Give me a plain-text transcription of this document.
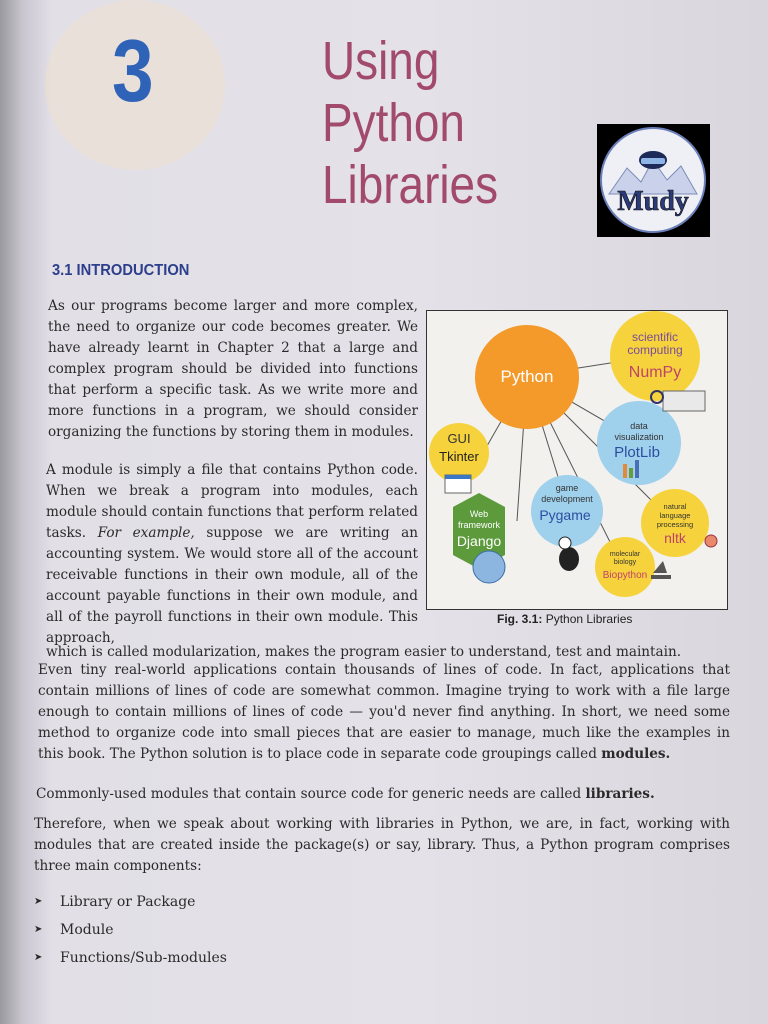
3	Using Python
Libraries	Mudy
3.1 INTRODUCTION
As our programs become larger and more complex, the need to organize our code becomes greater. We have already learnt in Chapter 2 that a large and complex program should be divided into functions that perform a specific task. As we write more and more functions in a program, we should consider organizing the functions by storing them in modules.
A module is simply a file that contains Python code. When we break a program into modules, each module should contain functions that perform related tasks. For example, suppose we are writing an accounting system. We would store all of the account receivable functions in their own module, all of the account payable functions in their own module, and all of the payroll functions in their own module. This approach,
which is called modularization, makes the program easier to understand, test and maintain.
scientific
computing
NumPy
Python
data
visualization
PlotLib
GUI
Tkinter
Web
framework
Django
game
development
Pygame
natural
language
processing
nltk
molecular
biology
Biopython
Fig. 3.1: Python Libraries
Even tiny real-world applications contain thousands of lines of code. In fact, applications that contain millions of lines of code are somewhat common. Imagine trying to work with a file large enough to contain millions of lines of code — you'd never find anything. In short, we need some method to organize code into small pieces that are easier to manage, much like the examples in this book. The Python solution is to place code in separate code groupings called modules.
Commonly-used modules that contain source code for generic needs are called libraries.
Therefore, when we speak about working with libraries in Python, we are, in fact, working with modules that are created inside the package(s) or say, library. Thus, a Python program comprises three main components:
➤	Library or Package
➤	Module
➤	Functions/Sub-modules
